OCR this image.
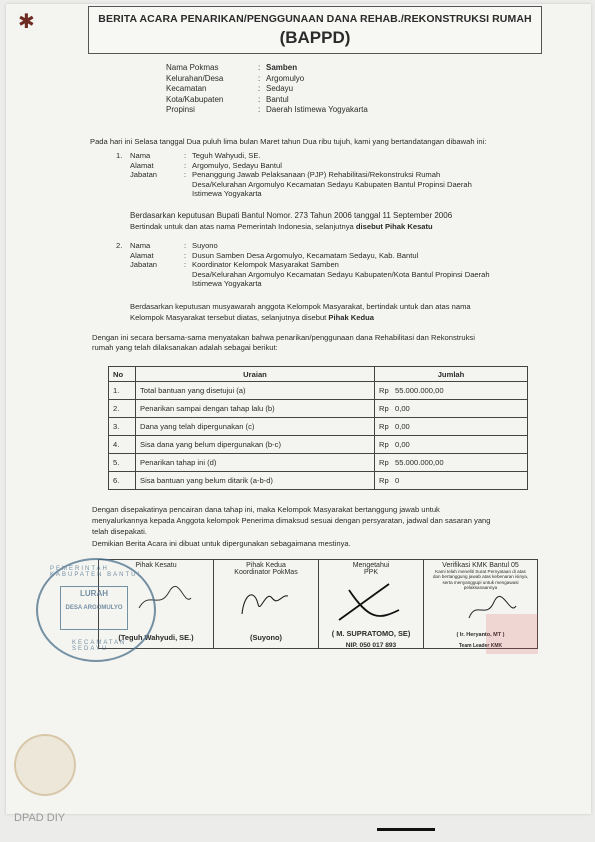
✱	BERITA ACARA PENARIKAN/PENGGUNAAN DANA REHAB./REKONSTRUKSI RUMAH
(BAPPD)
Nama Pokmas	: Samben
Kelurahan/Desa	: Argomulyo
Kecamatan	: Sedayu
Kota/Kabupaten	: Bantul
Propinsi	: Daerah Istimewa Yogyakarta
Pada hari ini Selasa tanggal Dua puluh lima bulan Maret tahun Dua ribu tujuh, kami yang bertandatangan dibawah ini:
1.	Nama	: Teguh Wahyudi, SE.
Alamat	: Argomulyo, Sedayu Bantul
Jabatan	: Penanggung Jawab Pelaksanaan (PJP) Rehabilitasi/Rekonstruksi Rumah
Desa/Kelurahan Argomulyo Kecamatan Sedayu Kabupaten Bantul Propinsi Daerah
Istimewa Yogyakarta
Berdasarkan keputusan Bupati Bantul Nomor. 273 Tahun 2006 tanggal 11 September 2006
Bertindak untuk dan atas nama Pemerintah Indonesia, selanjutnya disebut Pihak Kesatu
2.	Nama	: Suyono
Alamat	: Dusun Samben Desa Argomulyo, Kecamatam Sedayu, Kab. Bantul
Jabatan	: Koordinator Kelompok Masyarakat Samben
Desa/Kelurahan Argomulyo Kecamatan Sedayu Kabupaten/Kota Bantul Propinsi Daerah
Istimewa Yogyakarta
Berdasarkan keputusan musyawarah anggota Kelompok Masyarakat, bertindak untuk dan atas nama
Kelompok Masyarakat tersebut diatas, selanjutnya disebut Pihak Kedua
Dengan ini secara bersama-sama menyatakan bahwa penarikan/penggunaan dana Rehabilitasi dan Rekonstruksi
rumah yang telah dilaksanakan adalah sebagai berikut:
No	Uraian	Jumlah
1.	Total bantuan yang disetujui (a)	Rp 55.000.000,00
2.	Penarikan sampai dengan tahap lalu (b)	Rp 0,00
3.	Dana yang telah dipergunakan (c)	Rp 0,00
4.	Sisa dana yang belum dipergunakan (b-c)	Rp 0,00
5.	Penarikan tahap ini (d)	Rp 55.000.000,00
6.	Sisa bantuan yang belum ditarik (a-b-d)	Rp 0
Dengan disepakatinya pencairan dana tahap ini, maka Kelompok Masyarakat bertanggung jawab untuk
menyalurkannya kepada Anggota kelompok Penerima dimaksud sesuai dengan persyaratan, jadwal dan sasaran yang
telah disepakati.
Demikian Berita Acara ini dibuat untuk dipergunakan sebagaimana mestinya.
Pihak Kesatu
(Teguh Wahyudi, SE.)

Pihak Kedua
Koordinator PokMas
(Suyono)

Mengetahui
PPK
( M. SUPRATOMO, SE)
NIP. 050 017 893

Verifikasi KMK Bantul 05
Kami telah meneliti Surat Pernyataan di atas dan bertanggung jawab atas kebenaran isinya, serta menyanggupi untuk mengawasi pelaksanaannya
( Ir. Heryanto, MT )
Team Leader KMK
PEMERINTAH KABUPATEN BANTUL
LURAH
DESA ARGOMULYO
KECAMATAN SEDAYU
DPAD DIY
